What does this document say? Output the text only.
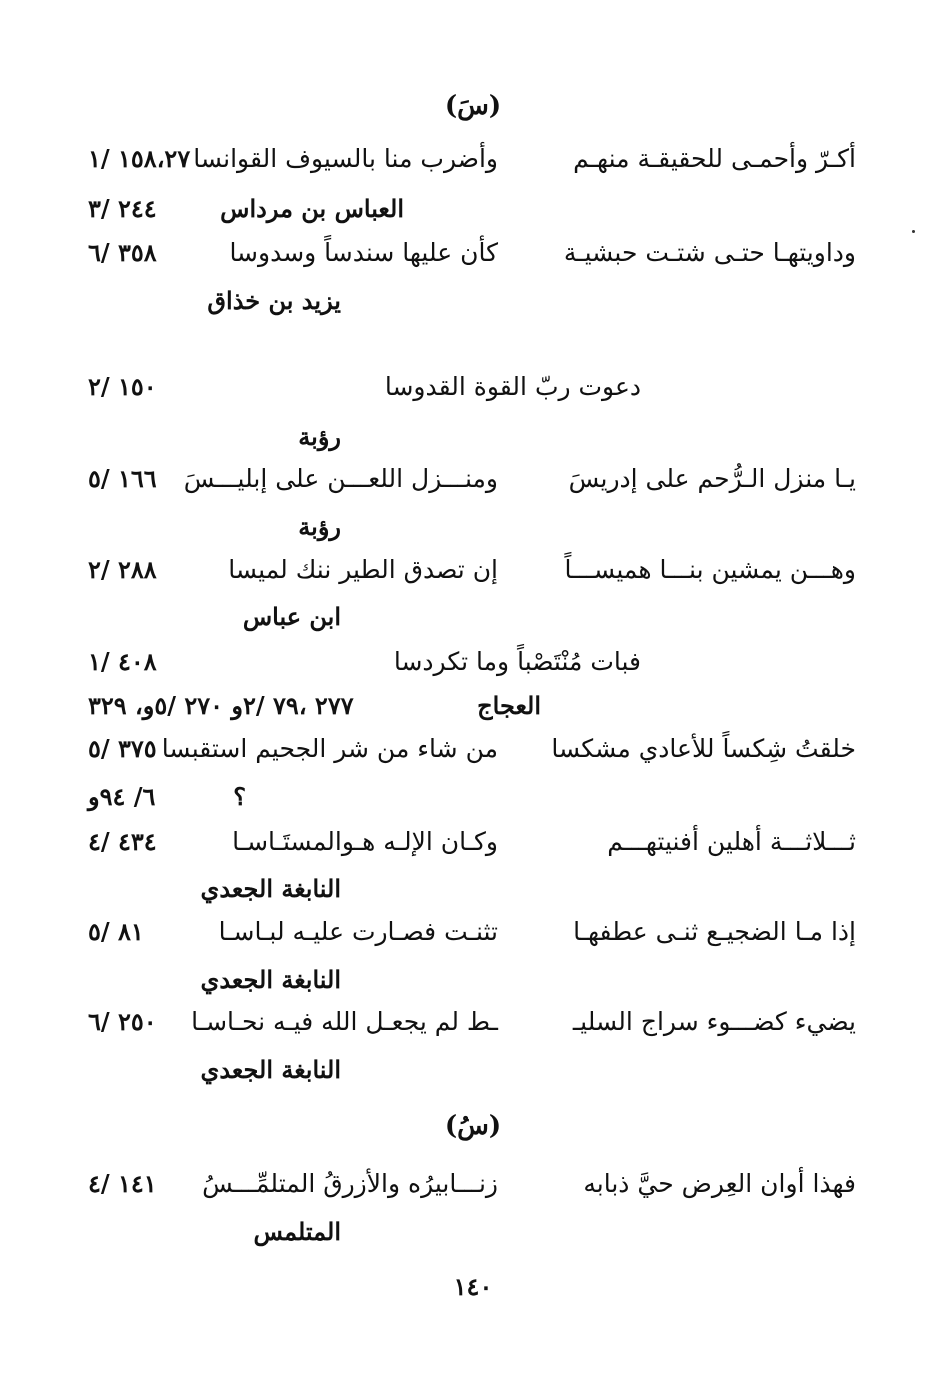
(سَ)
أكـرّ وأحمـى للحقيقـة منهـم
وأضرب منا بالسيوف القوانسا
١٥٨،٢٧ /١
العباس بن مرداس
٢٤٤ /٣
وداويتهـا حتـى شتـت حبشيـة
كأن عليها سندساً وسدوسا
٣٥٨ /٦
يزيد بن خذاق
دعوت ربّ القوة القدوسا
١٥٠ /٢
رؤبة
يـا منزل الـرُّحم على إدريسَ
ومنـــزل اللعـــن على إبليـــسَ
١٦٦ /٥
رؤبة
وهـــن يمشين بنـــا هميســـاً
إن تصدق الطير ننك لميسا
٢٨٨ /٢
ابن عباس
فبات مُنْتَصْباً وما تكردسا
٤٠٨ /١
العجاج
٢٧٧ ،٧٩ /٢و ٢٧٠ /٥و، ٣٢٩
خلقتُ شِكساً للأعادي مشكسا
من شاء من شر الجحيم استقبسا
٣٧٥ /٥
؟
٦/ ٩٤و
ثـــلاثـــة أهلين أفنيتهـــم
وكـان الإلـه هـوالمستَـاسـا
٤٣٤ /٤
النابغة الجعدي
إذا مـا الضجيـع ثنـى عطفهـا
تثنـت فصـارت عليـه لبـاسـا
٨١ /٥
النابغة الجعدي
يضيء كضـــوء سراج السليـ
ـط لم يجعـل الله فيـه نحـاسـا
٢٥٠ /٦
النابغة الجعدي
(سُ)
فهذا أوان العِرض حيَّ ذبابه
زنـــابيرُه والأزرقُ المتلمِّـــسُ
١٤١ /٤
المتلمس
١٤٠
